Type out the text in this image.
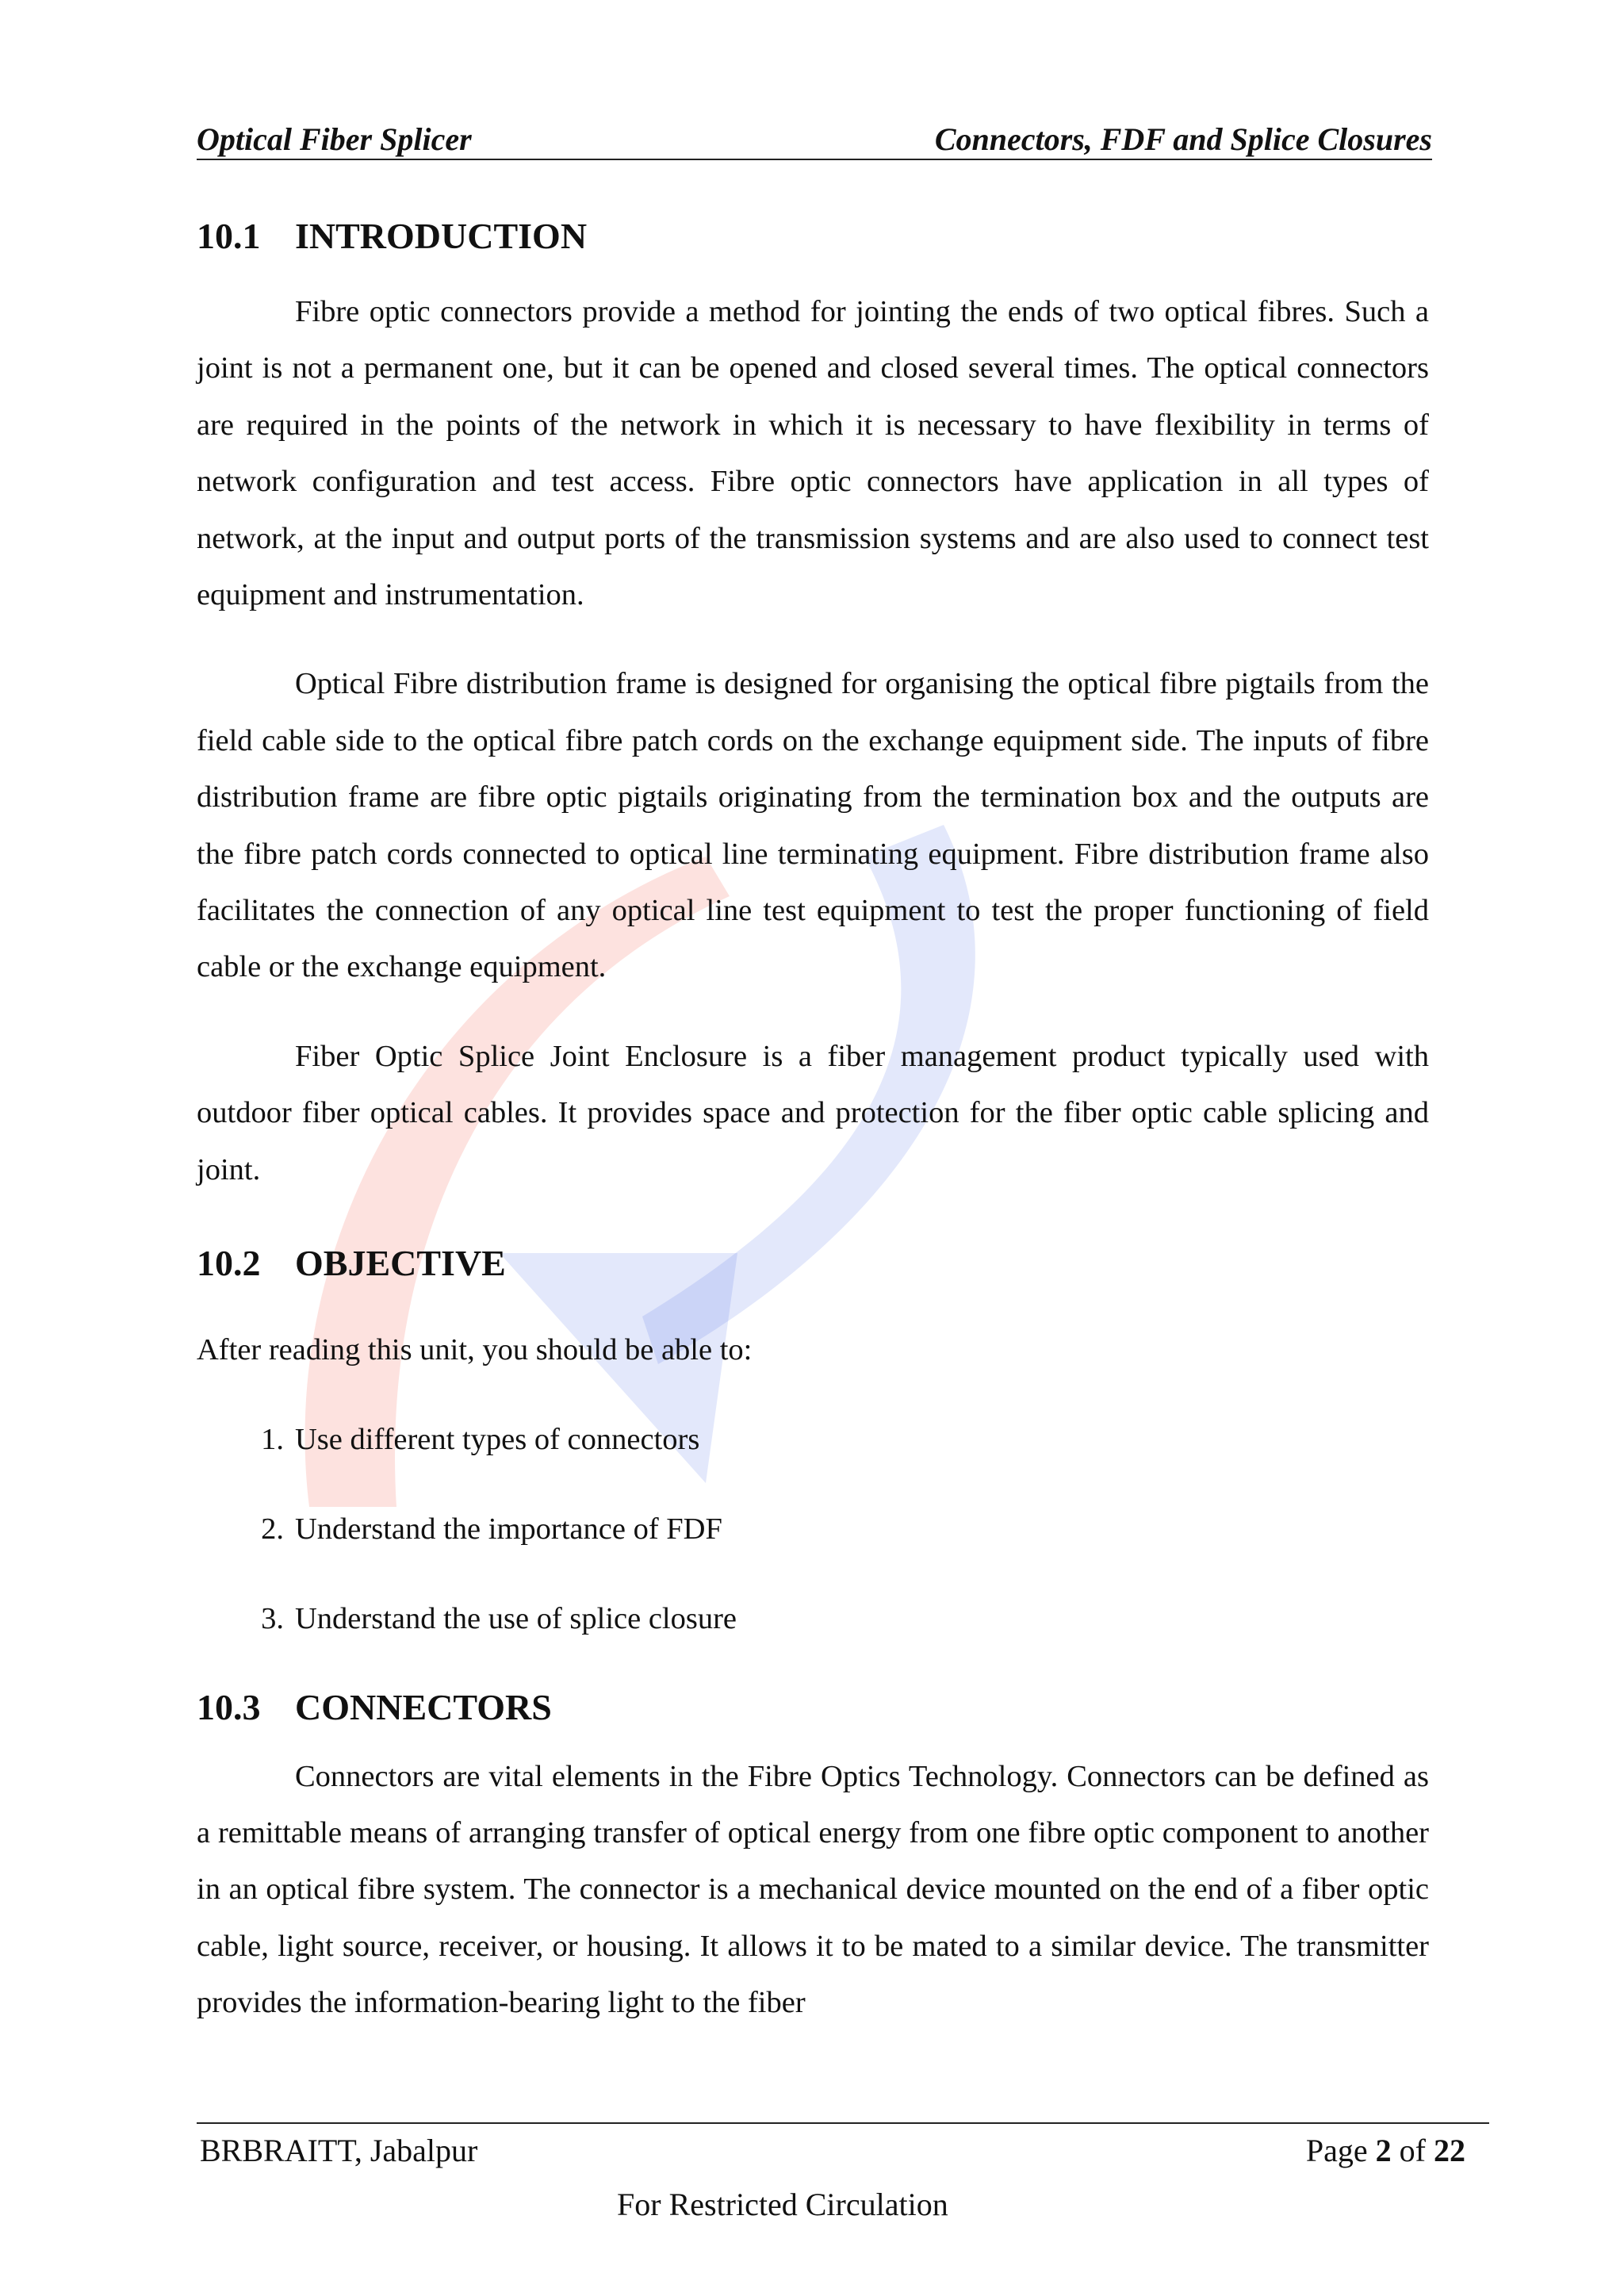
Optical Fiber Splicer	Connectors, FDF and Splice Closures
10.1 INTRODUCTION

Fibre optic connectors provide a method for jointing the ends of two optical fibres. Such a joint is not a permanent one, but it can be opened and closed several times. The optical connectors are required in the points of the network in which it is necessary to have flexibility in terms of network configuration and test access. Fibre optic connectors have application in all types of network, at the input and output ports of the transmission systems and are also used to connect test equipment and instrumentation.

Optical Fibre distribution frame is designed for organising the optical fibre pigtails from the field cable side to the optical fibre patch cords on the exchange equipment side. The inputs of fibre distribution frame are fibre optic pigtails originating from the termination box and the outputs are the fibre patch cords connected to optical line terminating equipment. Fibre distribution frame also facilitates the connection of any optical line test equipment to test the proper functioning of field cable or the exchange equipment.

Fiber Optic Splice Joint Enclosure is a fiber management product typically used with outdoor fiber optical cables. It provides space and protection for the fiber optic cable splicing and joint.

10.2 OBJECTIVE

After reading this unit, you should be able to:

1. Use different types of connectors
2. Understand the importance of FDF
3. Understand the use of splice closure
10.3 CONNECTORS

Connectors are vital elements in the Fibre Optics Technology. Connectors can be defined as a remittable means of arranging transfer of optical energy from one fibre optic component to another in an optical fibre system. The connector is a mechanical device mounted on the end of a fiber optic cable, light source, receiver, or housing. It allows it to be mated to a similar device. The transmitter provides the information-bearing light to the fiber

BRBRAITT, Jabalpur	Page 2 of 22
For Restricted Circulation
